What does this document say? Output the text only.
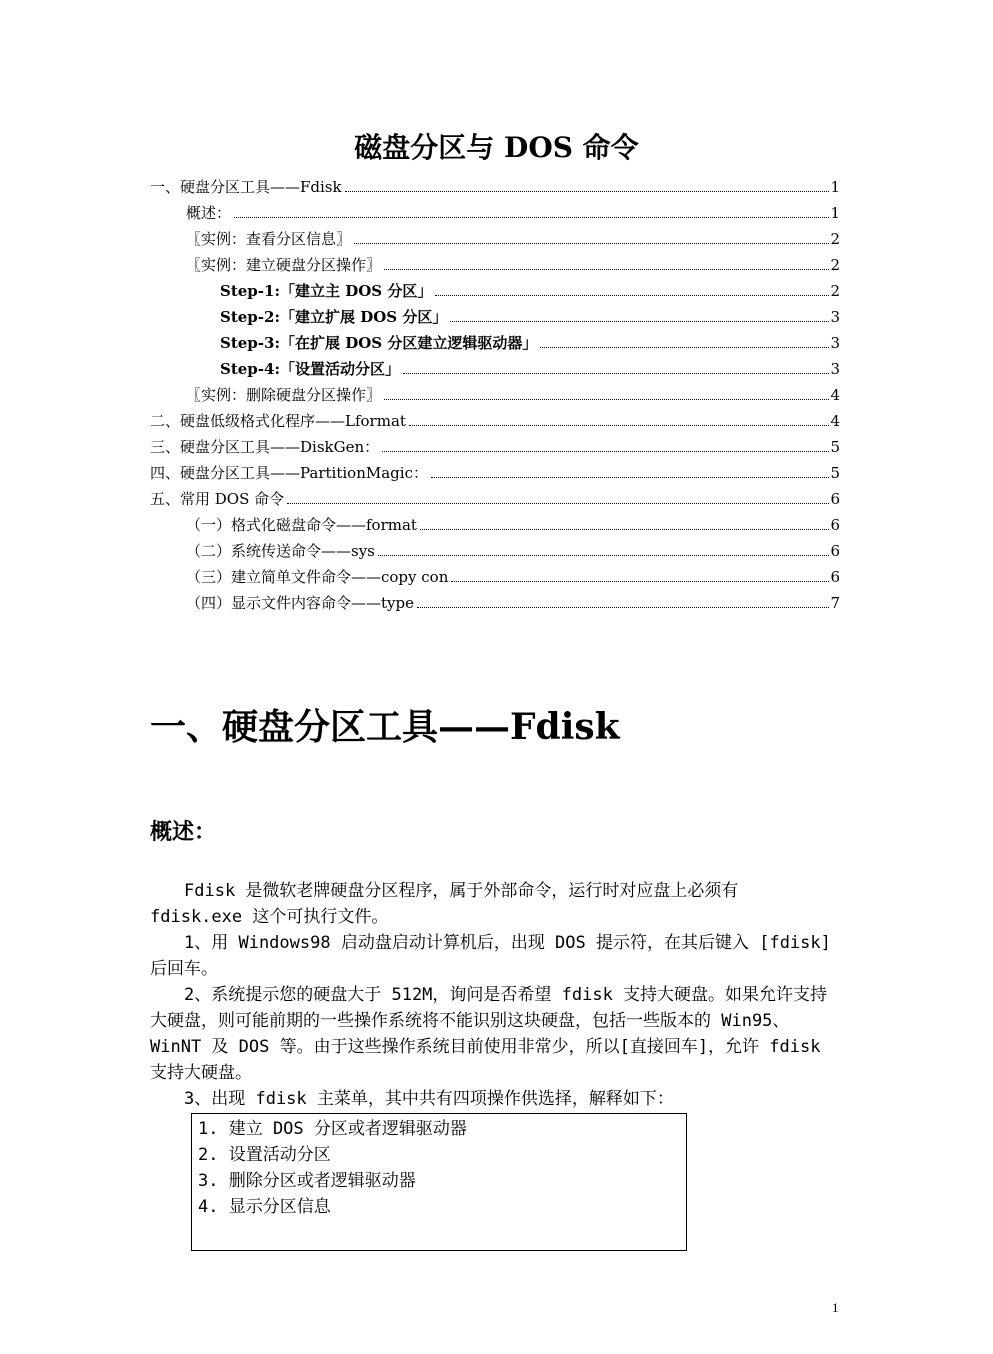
磁盘分区与 DOS 命令
一、硬盘分区工具——Fdisk	1
概述：	1
〖实例：查看分区信息〗	2
〖实例：建立硬盘分区操作〗	2
Step-1:「建立主 DOS 分区」	2
Step-2:「建立扩展 DOS 分区」	3
Step-3:「在扩展 DOS 分区建立逻辑驱动器」	3
Step-4:「设置活动分区」	3
〖实例：删除硬盘分区操作〗	4
二、硬盘低级格式化程序——Lformat	4
三、硬盘分区工具——DiskGen：	5
四、硬盘分区工具——PartitionMagic：	5
五、常用 DOS 命令	6
（一）格式化磁盘命令——format	6
（二）系统传送命令——sys	6
（三）建立简单文件命令——copy con	6
（四）显示文件内容命令——type	7
一、硬盘分区工具——Fdisk
概述：

Fdisk 是微软老牌硬盘分区程序，属于外部命令，运行时对应盘上必须有 fdisk.exe 这个可执行文件。

1、用 Windows98 启动盘启动计算机后，出现 DOS 提示符，在其后键入 [fdisk]后回车。

2、系统提示您的硬盘大于 512M，询问是否希望 fdisk 支持大硬盘。如果允许支持大硬盘，则可能前期的一些操作系统将不能识别这块硬盘，包括一些版本的 Win95、WinNT 及 DOS 等。由于这些操作系统目前使用非常少，所以[直接回车]，允许 fdisk 支持大硬盘。

3、出现 fdisk 主菜单，其中共有四项操作供选择，解释如下：

1. 建立 DOS 分区或者逻辑驱动器
2. 设置活动分区
3. 删除分区或者逻辑驱动器
4. 显示分区信息
1
